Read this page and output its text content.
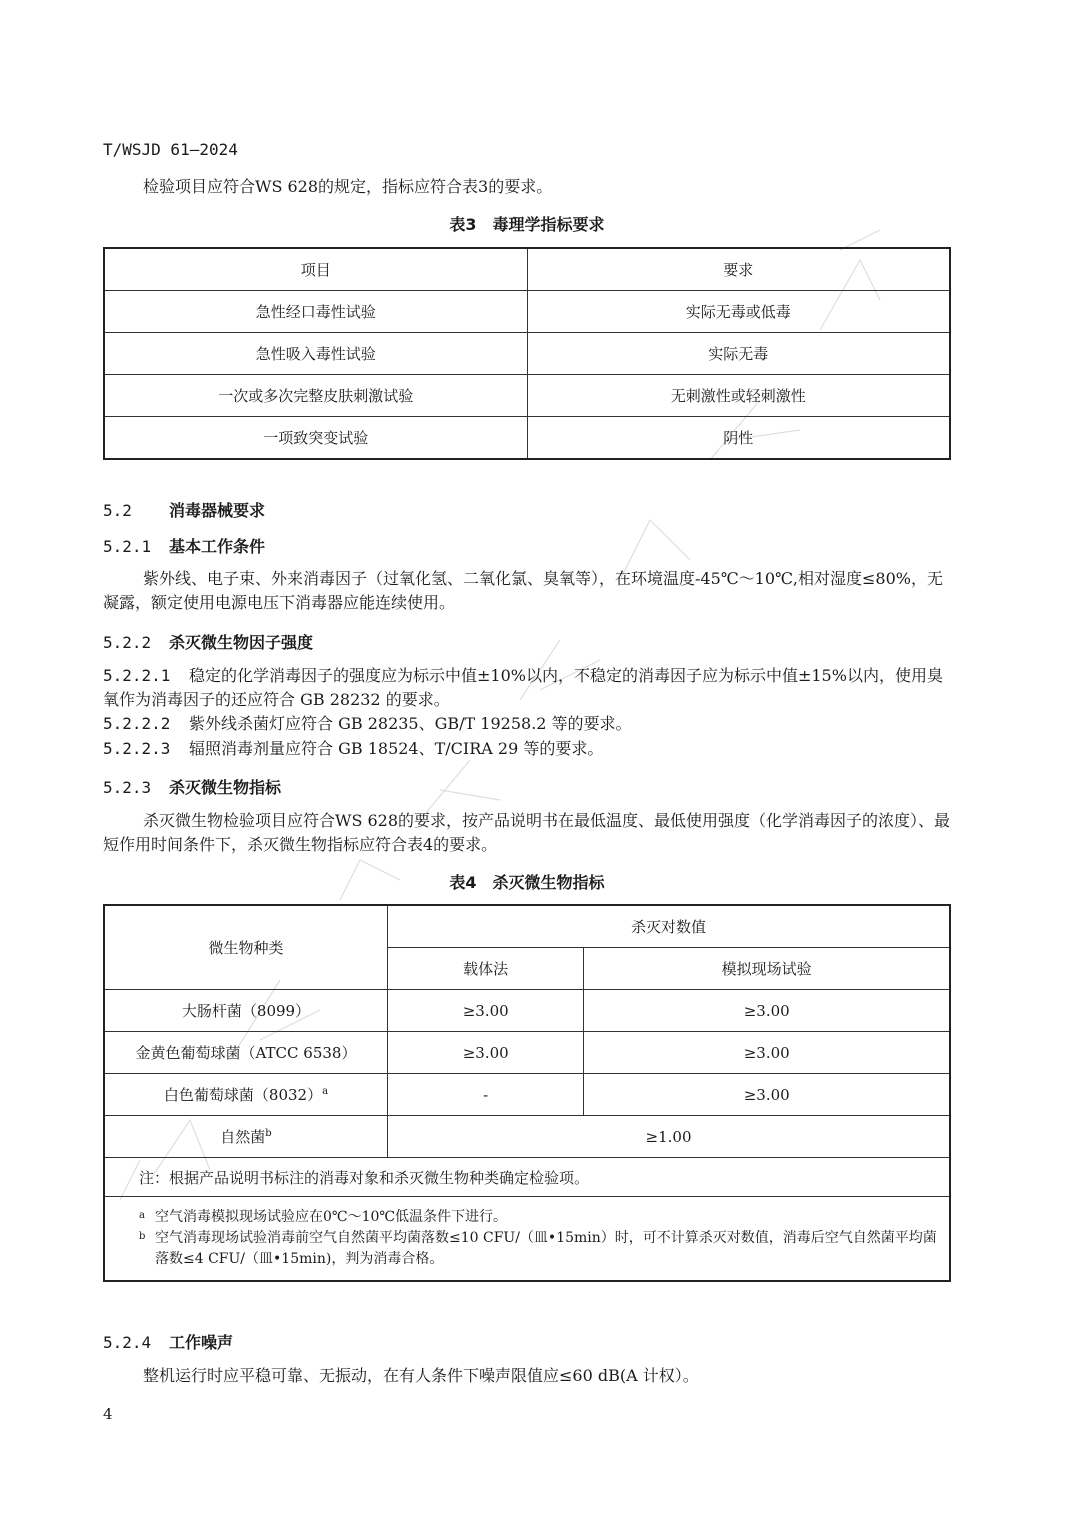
T/WSJD 61—2024
检验项目应符合WS 628的规定，指标应符合表3的要求。
表3　毒理学指标要求
项目	要求
急性经口毒性试验	实际无毒或低毒
急性吸入毒性试验	实际无毒
一次或多次完整皮肤刺激试验	无刺激性或轻刺激性
一项致突变试验	阴性
5.2 消毒器械要求
5.2.1 基本工作条件
紫外线、电子束、外来消毒因子（过氧化氢、二氧化氯、臭氧等），在环境温度-45℃～10℃,相对湿度≤80%，无凝露，额定使用电源电压下消毒器应能连续使用。
5.2.2 杀灭微生物因子强度
5.2.2.1 稳定的化学消毒因子的强度应为标示中值±10%以内，不稳定的消毒因子应为标示中值±15%以内，使用臭氧作为消毒因子的还应符合 GB 28232 的要求。
5.2.2.2 紫外线杀菌灯应符合 GB 28235、GB/T 19258.2 等的要求。
5.2.2.3 辐照消毒剂量应符合 GB 18524、T/CIRA 29 等的要求。
5.2.3 杀灭微生物指标
杀灭微生物检验项目应符合WS 628的要求，按产品说明书在最低温度、最低使用强度（化学消毒因子的浓度）、最短作用时间条件下，杀灭微生物指标应符合表4的要求。
表4　杀灭微生物指标
微生物种类	杀灭对数值	
	载体法	模拟现场试验
大肠杆菌（8099）	≥3.00	≥3.00
金黄色葡萄球菌（ATCC 6538）	≥3.00	≥3.00
白色葡萄球菌$(8032)^a$	-	≥3.00
自然菌$^b$	≥1.00	
注：根据产品说明书标注的消毒对象和杀灭微生物种类确定检验项。		

a 空气消毒模拟现场试验应在0℃～10℃低温条件下进行。
b 空气消毒现场试验消毒前空气自然菌平均菌落数≤10 CFU/（皿•15min）时，可不计算杀灭对数值，消毒后空气自然菌平均菌落数≤4 CFU/（皿•15min)，判为消毒合格。		
5.2.4 工作噪声
整机运行时应平稳可靠、无振动，在有人条件下噪声限值应≤60 dB(A 计权）。
4
